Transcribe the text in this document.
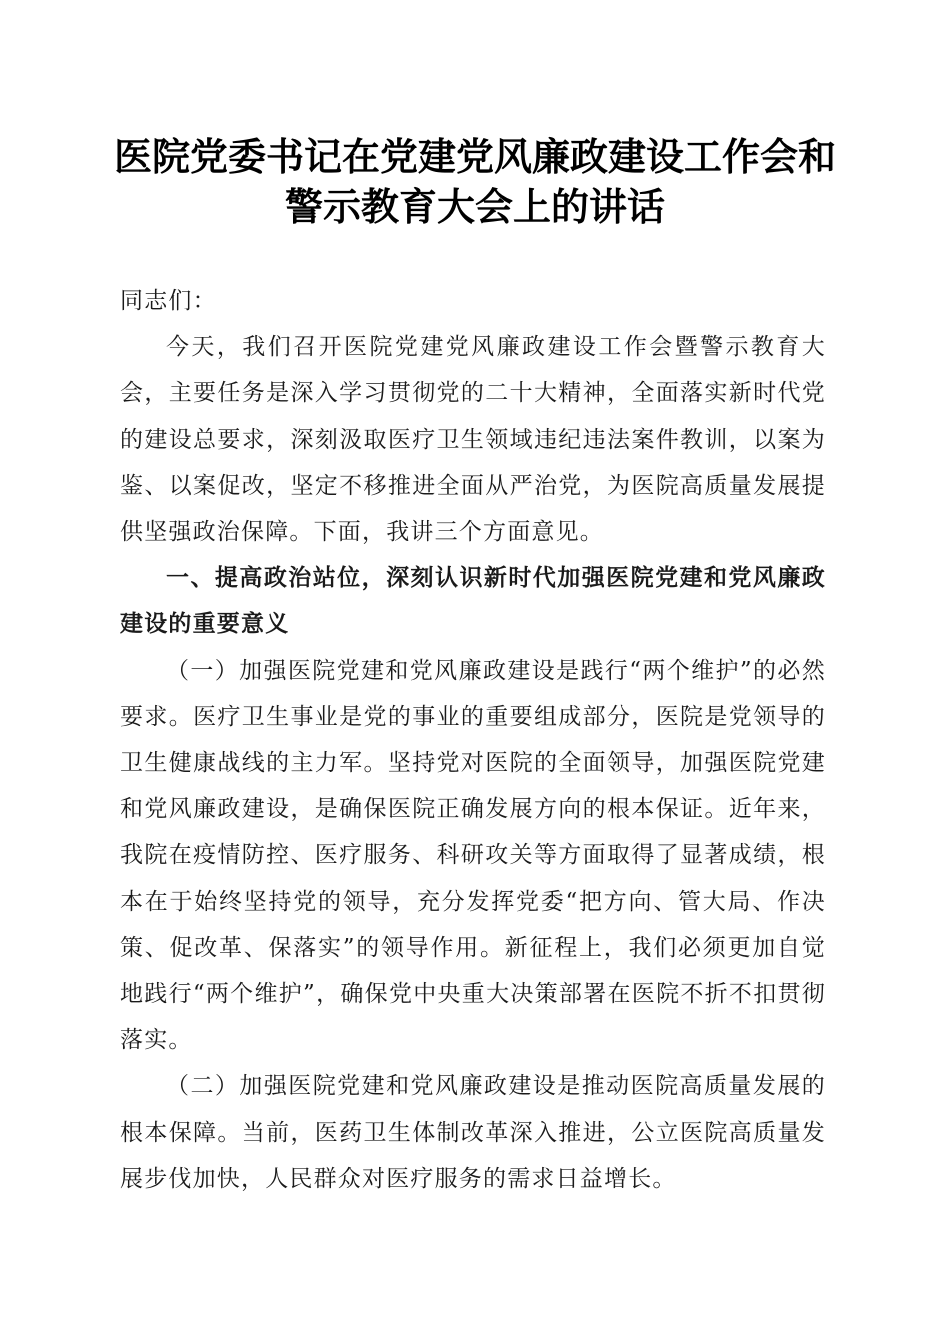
医院党委书记在党建党风廉政建设工作会和警示教育大会上的讲话

同志们：

今天，我们召开医院党建党风廉政建设工作会暨警示教育大会，主要任务是深入学习贯彻党的二十大精神，全面落实新时代党的建设总要求，深刻汲取医疗卫生领域违纪违法案件教训，以案为鉴、以案促改，坚定不移推进全面从严治党，为医院高质量发展提供坚强政治保障。下面，我讲三个方面意见。

一、提高政治站位，深刻认识新时代加强医院党建和党风廉政建设的重要意义

（一）加强医院党建和党风廉政建设是践行“两个维护”的必然要求。医疗卫生事业是党的事业的重要组成部分，医院是党领导的卫生健康战线的主力军。坚持党对医院的全面领导，加强医院党建和党风廉政建设，是确保医院正确发展方向的根本保证。近年来，我院在疫情防控、医疗服务、科研攻关等方面取得了显著成绩，根本在于始终坚持党的领导，充分发挥党委“把方向、管大局、作决策、促改革、保落实”的领导作用。新征程上，我们必须更加自觉地践行“两个维护”，确保党中央重大决策部署在医院不折不扣贯彻落实。

（二）加强医院党建和党风廉政建设是推动医院高质量发展的根本保障。当前，医药卫生体制改革深入推进，公立医院高质量发展步伐加快，人民群众对医疗服务的需求日益增长。
